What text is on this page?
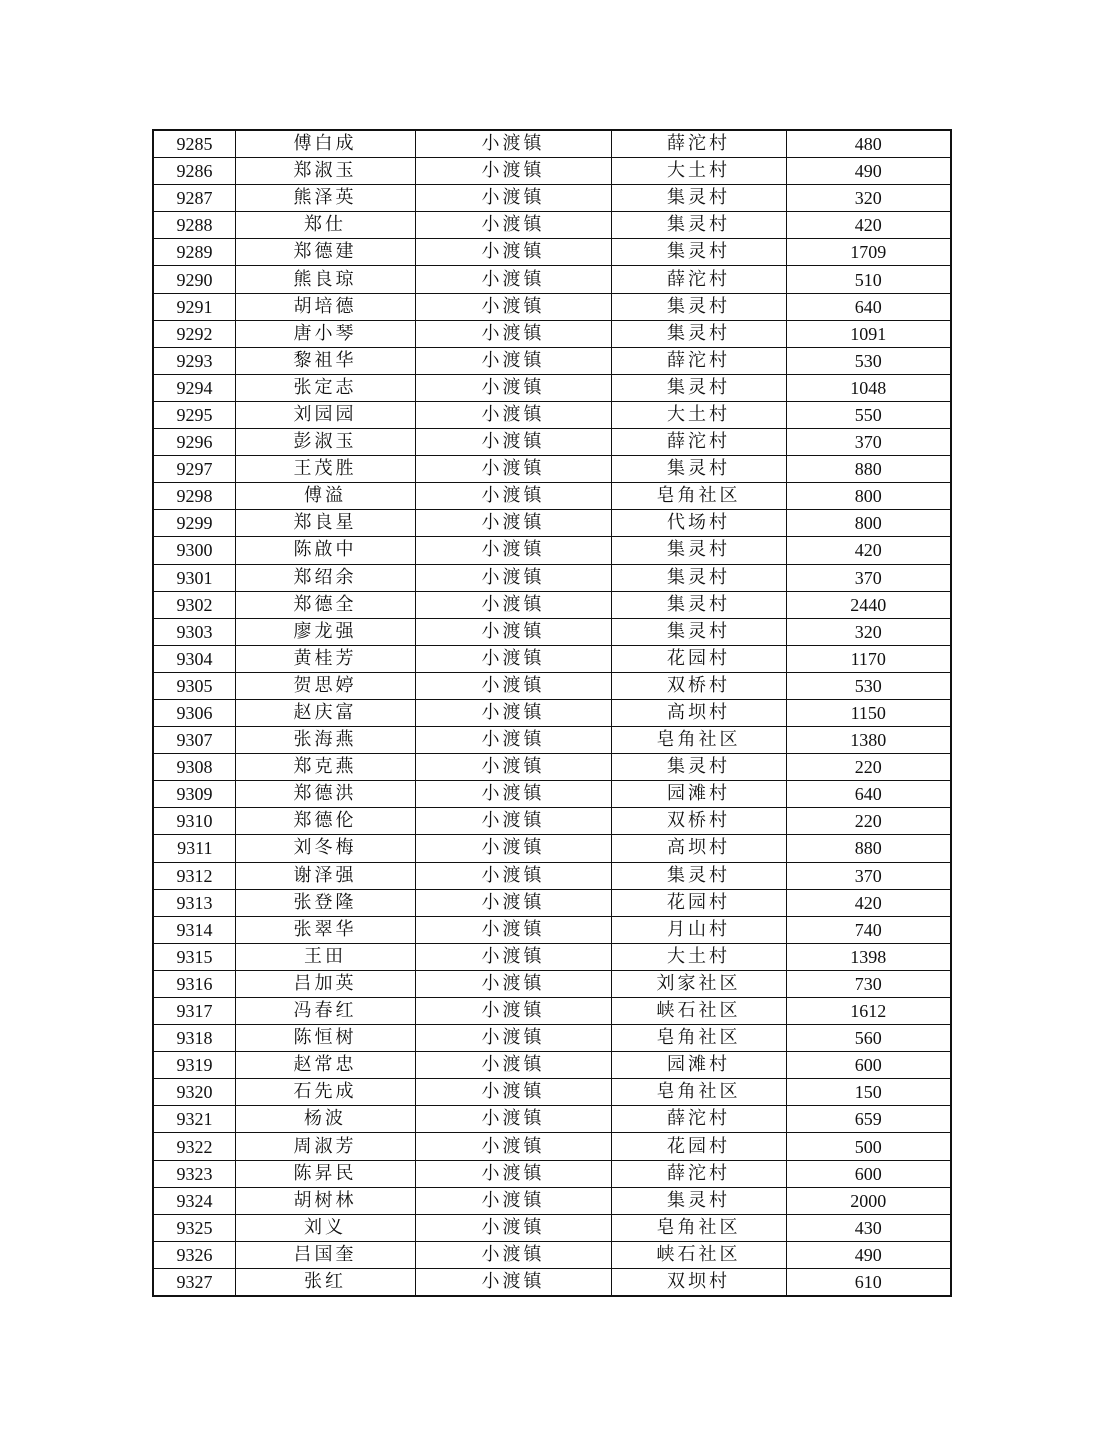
9285	傅白成	小渡镇	薛沱村	480
9286	郑淑玉	小渡镇	大土村	490
9287	熊泽英	小渡镇	集灵村	320
9288	郑仕	小渡镇	集灵村	420
9289	郑德建	小渡镇	集灵村	1709
9290	熊良琼	小渡镇	薛沱村	510
9291	胡培德	小渡镇	集灵村	640
9292	唐小琴	小渡镇	集灵村	1091
9293	黎祖华	小渡镇	薛沱村	530
9294	张定志	小渡镇	集灵村	1048
9295	刘园园	小渡镇	大土村	550
9296	彭淑玉	小渡镇	薛沱村	370
9297	王茂胜	小渡镇	集灵村	880
9298	傅溢	小渡镇	皂角社区	800
9299	郑良星	小渡镇	代场村	800
9300	陈啟中	小渡镇	集灵村	420
9301	郑绍余	小渡镇	集灵村	370
9302	郑德全	小渡镇	集灵村	2440
9303	廖龙强	小渡镇	集灵村	320
9304	黄桂芳	小渡镇	花园村	1170
9305	贺思婷	小渡镇	双桥村	530
9306	赵庆富	小渡镇	高坝村	1150
9307	张海燕	小渡镇	皂角社区	1380
9308	郑克燕	小渡镇	集灵村	220
9309	郑德洪	小渡镇	园滩村	640
9310	郑德伦	小渡镇	双桥村	220
9311	刘冬梅	小渡镇	高坝村	880
9312	谢泽强	小渡镇	集灵村	370
9313	张登隆	小渡镇	花园村	420
9314	张翠华	小渡镇	月山村	740
9315	王田	小渡镇	大土村	1398
9316	吕加英	小渡镇	刘家社区	730
9317	冯春红	小渡镇	峡石社区	1612
9318	陈恒树	小渡镇	皂角社区	560
9319	赵常忠	小渡镇	园滩村	600
9320	石先成	小渡镇	皂角社区	150
9321	杨波	小渡镇	薛沱村	659
9322	周淑芳	小渡镇	花园村	500
9323	陈昇民	小渡镇	薛沱村	600
9324	胡树林	小渡镇	集灵村	2000
9325	刘义	小渡镇	皂角社区	430
9326	吕国奎	小渡镇	峡石社区	490
9327	张红	小渡镇	双坝村	610
